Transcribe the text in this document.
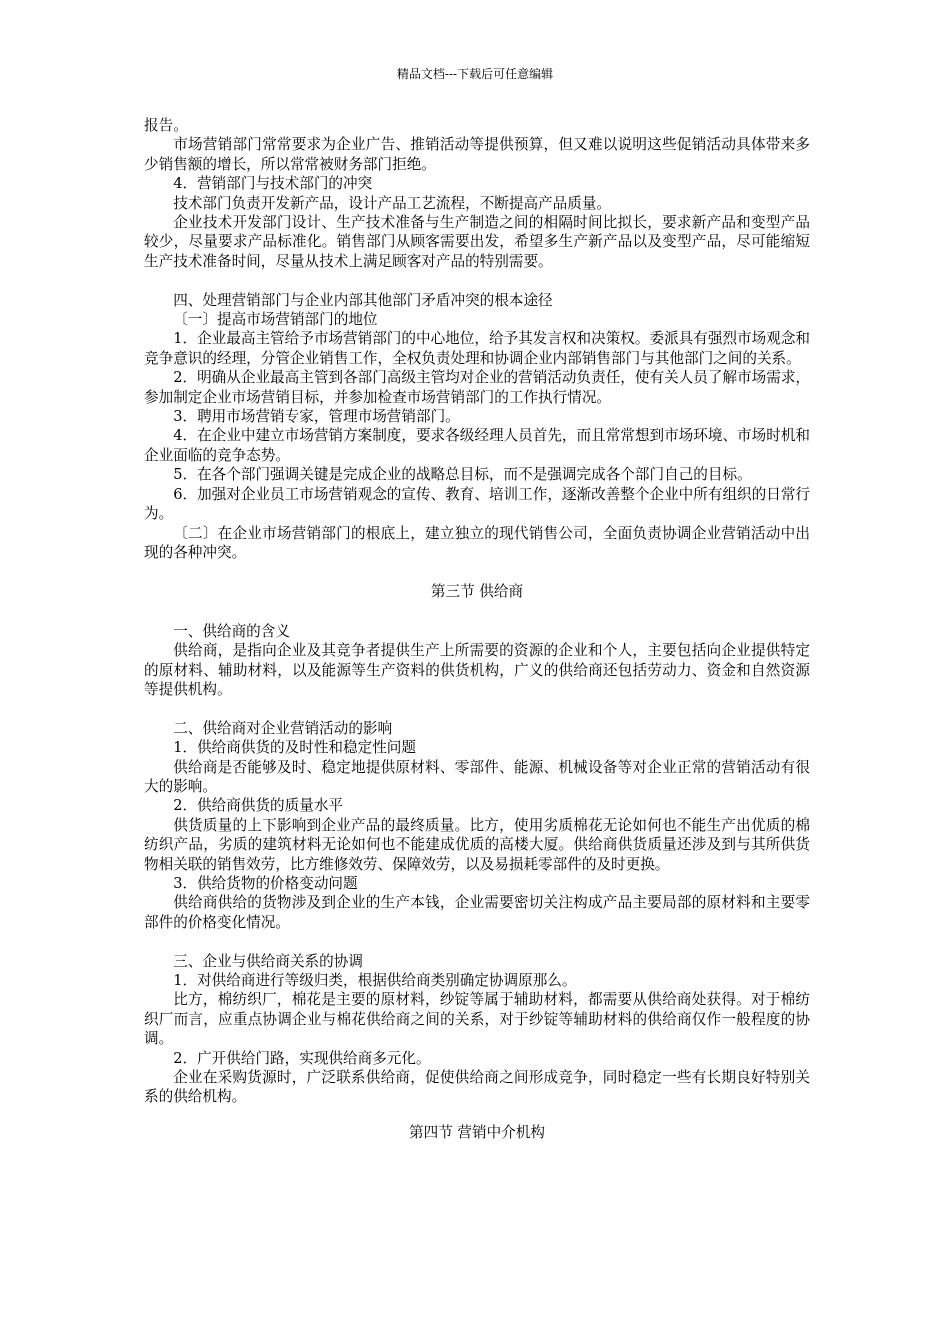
精品文档---下载后可任意编辑

报告。

市场营销部门常常要求为企业广告、推销活动等提供预算，但又难以说明这些促销活动具体带来多少销售额的增长，所以常常被财务部门拒绝。

4．营销部门与技术部门的冲突

技术部门负责开发新产品，设计产品工艺流程，不断提高产品质量。

企业技术开发部门设计、生产技术准备与生产制造之间的相隔时间比拟长，要求新产品和变型产品较少，尽量要求产品标准化。销售部门从顾客需要出发，希望多生产新产品以及变型产品，尽可能缩短生产技术准备时间，尽量从技术上满足顾客对产品的特别需要。

四、处理营销部门与企业内部其他部门矛盾冲突的根本途径

〔一〕提高市场营销部门的地位

1．企业最高主管给予市场营销部门的中心地位，给予其发言权和决策权。委派具有强烈市场观念和竞争意识的经理，分管企业销售工作，全权负责处理和协调企业内部销售部门与其他部门之间的关系。

2．明确从企业最高主管到各部门高级主管均对企业的营销活动负责任，使有关人员了解市场需求，参加制定企业市场营销目标，并参加检查市场营销部门的工作执行情况。

3．聘用市场营销专家，管理市场营销部门。

4．在企业中建立市场营销方案制度，要求各级经理人员首先，而且常常想到市场环境、市场时机和企业面临的竞争态势。

5．在各个部门强调关键是完成企业的战略总目标，而不是强调完成各个部门自己的目标。

6．加强对企业员工市场营销观念的宣传、教育、培训工作，逐渐改善整个企业中所有组织的日常行为。

〔二〕在企业市场营销部门的根底上，建立独立的现代销售公司，全面负责协调企业营销活动中出现的各种冲突。

第三节 供给商

一、供给商的含义

供给商，是指向企业及其竞争者提供生产上所需要的资源的企业和个人，主要包括向企业提供特定的原材料、辅助材料，以及能源等生产资料的供货机构，广义的供给商还包括劳动力、资金和自然资源等提供机构。

二、供给商对企业营销活动的影响

1．供给商供货的及时性和稳定性问题

供给商是否能够及时、稳定地提供原材料、零部件、能源、机械设备等对企业正常的营销活动有很大的影响。

2．供给商供货的质量水平

供货质量的上下影响到企业产品的最终质量。比方，使用劣质棉花无论如何也不能生产出优质的棉纺织产品，劣质的建筑材料无论如何也不能建成优质的高楼大厦。供给商供货质量还涉及到与其所供货物相关联的销售效劳，比方维修效劳、保障效劳，以及易损耗零部件的及时更换。

3．供给货物的价格变动问题

供给商供给的货物涉及到企业的生产本钱，企业需要密切关注构成产品主要局部的原材料和主要零部件的价格变化情况。

三、企业与供给商关系的协调

1．对供给商进行等级归类，根据供给商类别确定协调原那么。

比方，棉纺织厂，棉花是主要的原材料，纱锭等属于辅助材料，都需要从供给商处获得。对于棉纺织厂而言，应重点协调企业与棉花供给商之间的关系，对于纱锭等辅助材料的供给商仅作一般程度的协调。

2．广开供给门路，实现供给商多元化。

企业在采购货源时，广泛联系供给商，促使供给商之间形成竞争，同时稳定一些有长期良好特别关系的供给机构。

第四节 营销中介机构
